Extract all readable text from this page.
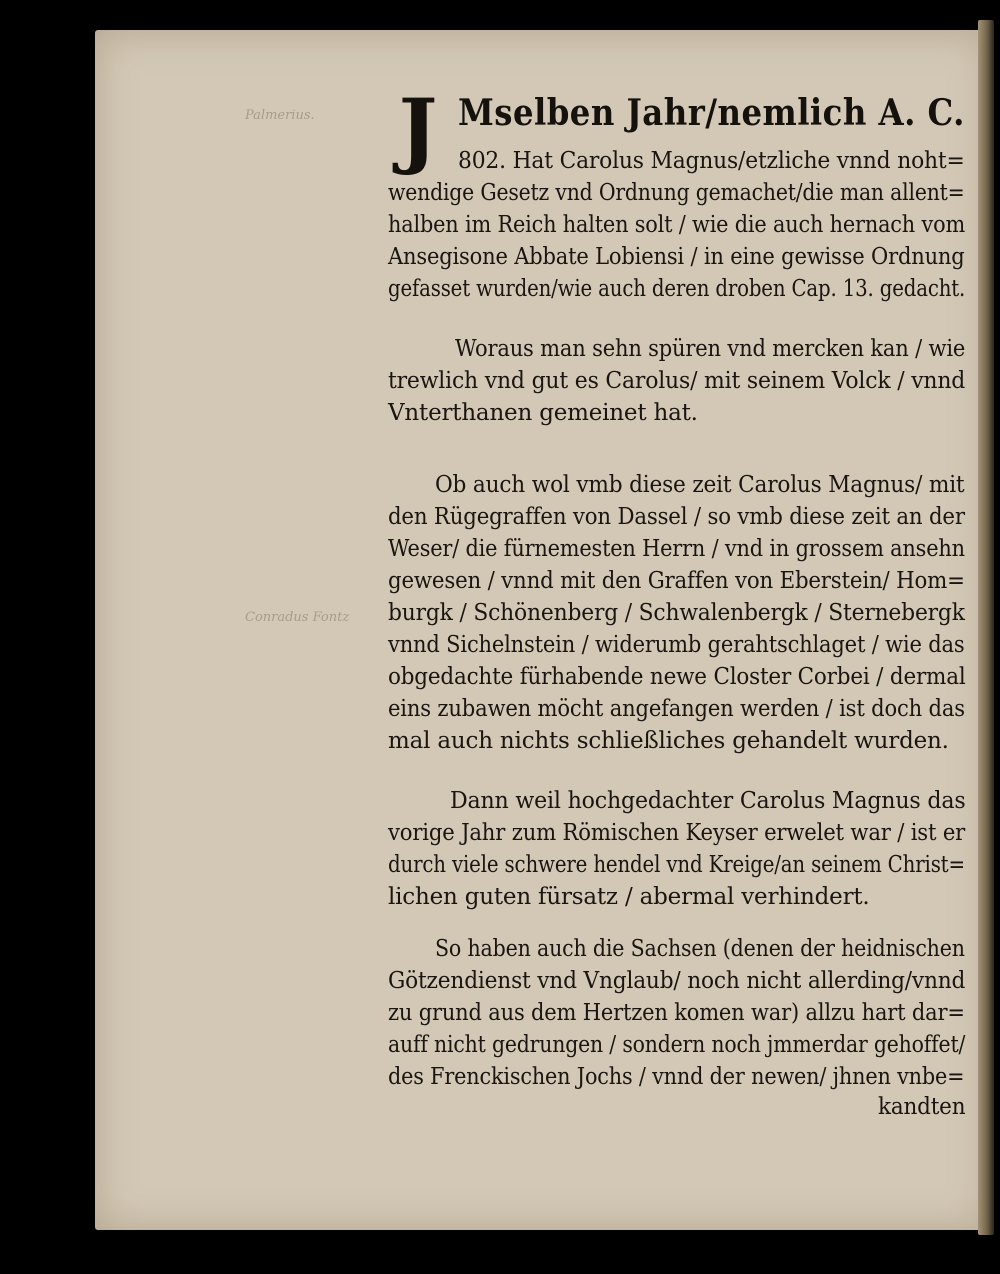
Palmerius.
Conradus Fontz
J Mselben Jahr/nemlich A. C.
802. Hat Carolus Magnus/etzliche vnnd noht=
wendige Gesetz vnd Ordnung gemachet/die man allent=
halben im Reich halten solt / wie die auch hernach vom
Ansegisone Abbate Lobiensi / in eine gewisse Ordnung
gefasset wurden/wie auch deren droben Cap. 13. gedacht.
Woraus man sehn spüren vnd mercken kan / wie
trewlich vnd gut es Carolus/ mit seinem Volck / vnnd
Vnterthanen gemeinet hat.
Ob auch wol vmb diese zeit Carolus Magnus/ mit
den Rügegraffen von Dassel / so vmb diese zeit an der
Weser/ die fürnemesten Herrn / vnd in grossem ansehn
gewesen / vnnd mit den Graffen von Eberstein/ Hom=
burgk / Schönenberg / Schwalenbergk / Sternebergk
vnnd Sichelnstein / widerumb gerahtschlaget / wie das
obgedachte fürhabende newe Closter Corbei / dermal
eins zubawen möcht angefangen werden / ist doch das
mal auch nichts schließliches gehandelt wurden.
Dann weil hochgedachter Carolus Magnus das
vorige Jahr zum Römischen Keyser erwelet war / ist er
durch viele schwere hendel vnd Kreige/an seinem Christ=
lichen guten fürsatz / abermal verhindert.
So haben auch die Sachsen (denen der heidnischen
Götzendienst vnd Vnglaub/ noch nicht allerding/vnnd
zu grund aus dem Hertzen komen war) allzu hart dar=
auff nicht gedrungen / sondern noch jmmerdar gehoffet/
des Frenckischen Jochs / vnnd der newen/ jhnen vnbe=
kandten
